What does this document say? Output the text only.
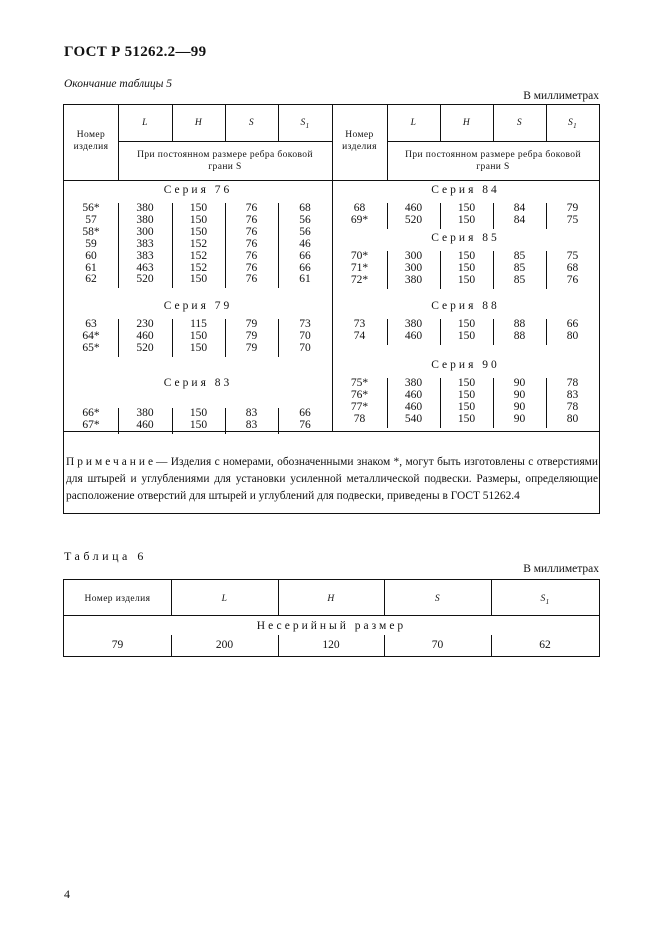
ГОСТ Р 51262.2—99
Окончание таблицы 5
В миллиметрах
Номер изделия
L	H	S	$S_1$
При постоянном размере ребра боковой грани S
Номер изделия
L	H	S	$S_1$
При постоянном размере ребра боковой грани S
Серия 76
56*	380	150	76	68
57	380	150	76	56
58*	300	150	76	56
59	383	152	76	46
60	383	152	76	66
61	463	152	76	66
62	520	150	76	61
Серия 79
63	230	115	79	73
64*	460	150	79	70
65*	520	150	79	70
Серия 83
66*	380	150	83	66
67*	460	150	83	76
Серия 84
68	460	150	84	79
69*	520	150	84	75
Серия 85
70*	300	150	85	75
71*	300	150	85	68
72*	380	150	85	76
Серия 88
73	380	150	88	66
74	460	150	88	80
Серия 90
75*	380	150	90	78
76*	460	150	90	83
77*	460	150	90	78
78	540	150	90	80
Примечание— Изделия с номерами, обозначенными знаком *, могут быть изготовлены с отверстиями для штырей и углублениями для установки усиленной металлической подвески. Размеры, определяющие расположение отверстий для штырей и углублений для подвески, приведены в ГОСТ 51262.4
Таблица 6
В миллиметрах
Номер изделия	L	H	S	$S_1$
Несерийный размер
79	200	120	70	62
4
